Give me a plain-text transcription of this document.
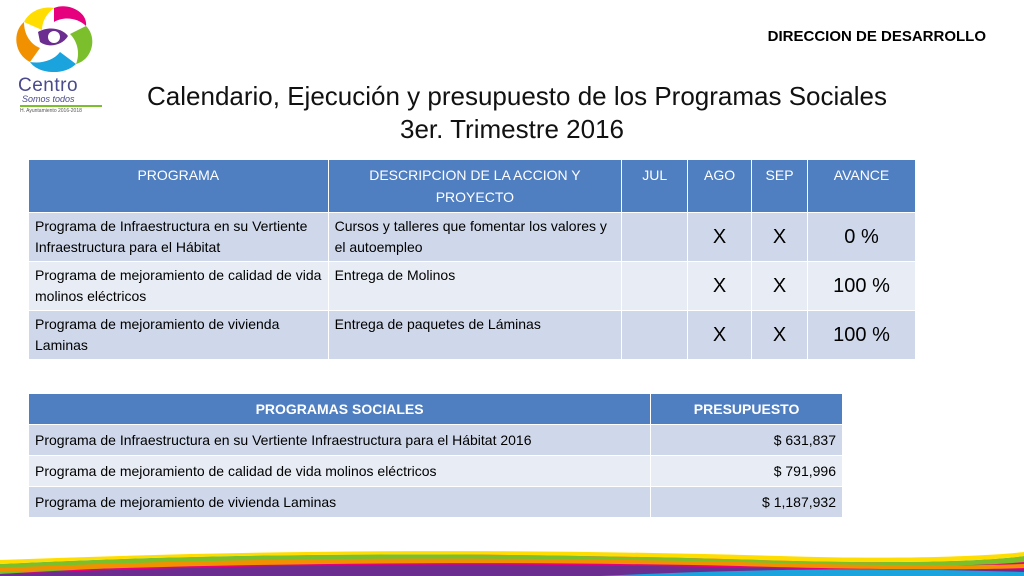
Centro
Somos todos
H. Ayuntamiento 2016-2018
DIRECCION DE DESARROLLO
Calendario, Ejecución y presupuesto de los Programas Sociales
3er. Trimestre 2016
PROGRAMA	DESCRIPCION DE LA ACCION Y PROYECTO	JUL	AGO	SEP	AVANCE
Programa de Infraestructura en su Vertiente Infraestructura para el Hábitat	Cursos y talleres que fomentar los valores y el autoempleo		X	X	0 %
Programa de mejoramiento de calidad de vida molinos eléctricos	Entrega de Molinos		X	X	100 %
Programa de mejoramiento de vivienda Laminas	Entrega de paquetes de Láminas		X	X	100 %
PROGRAMAS SOCIALES	PRESUPUESTO
Programa de Infraestructura en su Vertiente Infraestructura para el Hábitat 2016	$ 631,837
Programa de mejoramiento de calidad de vida molinos eléctricos	$ 791,996
Programa de mejoramiento de vivienda Laminas	$ 1,187,932
